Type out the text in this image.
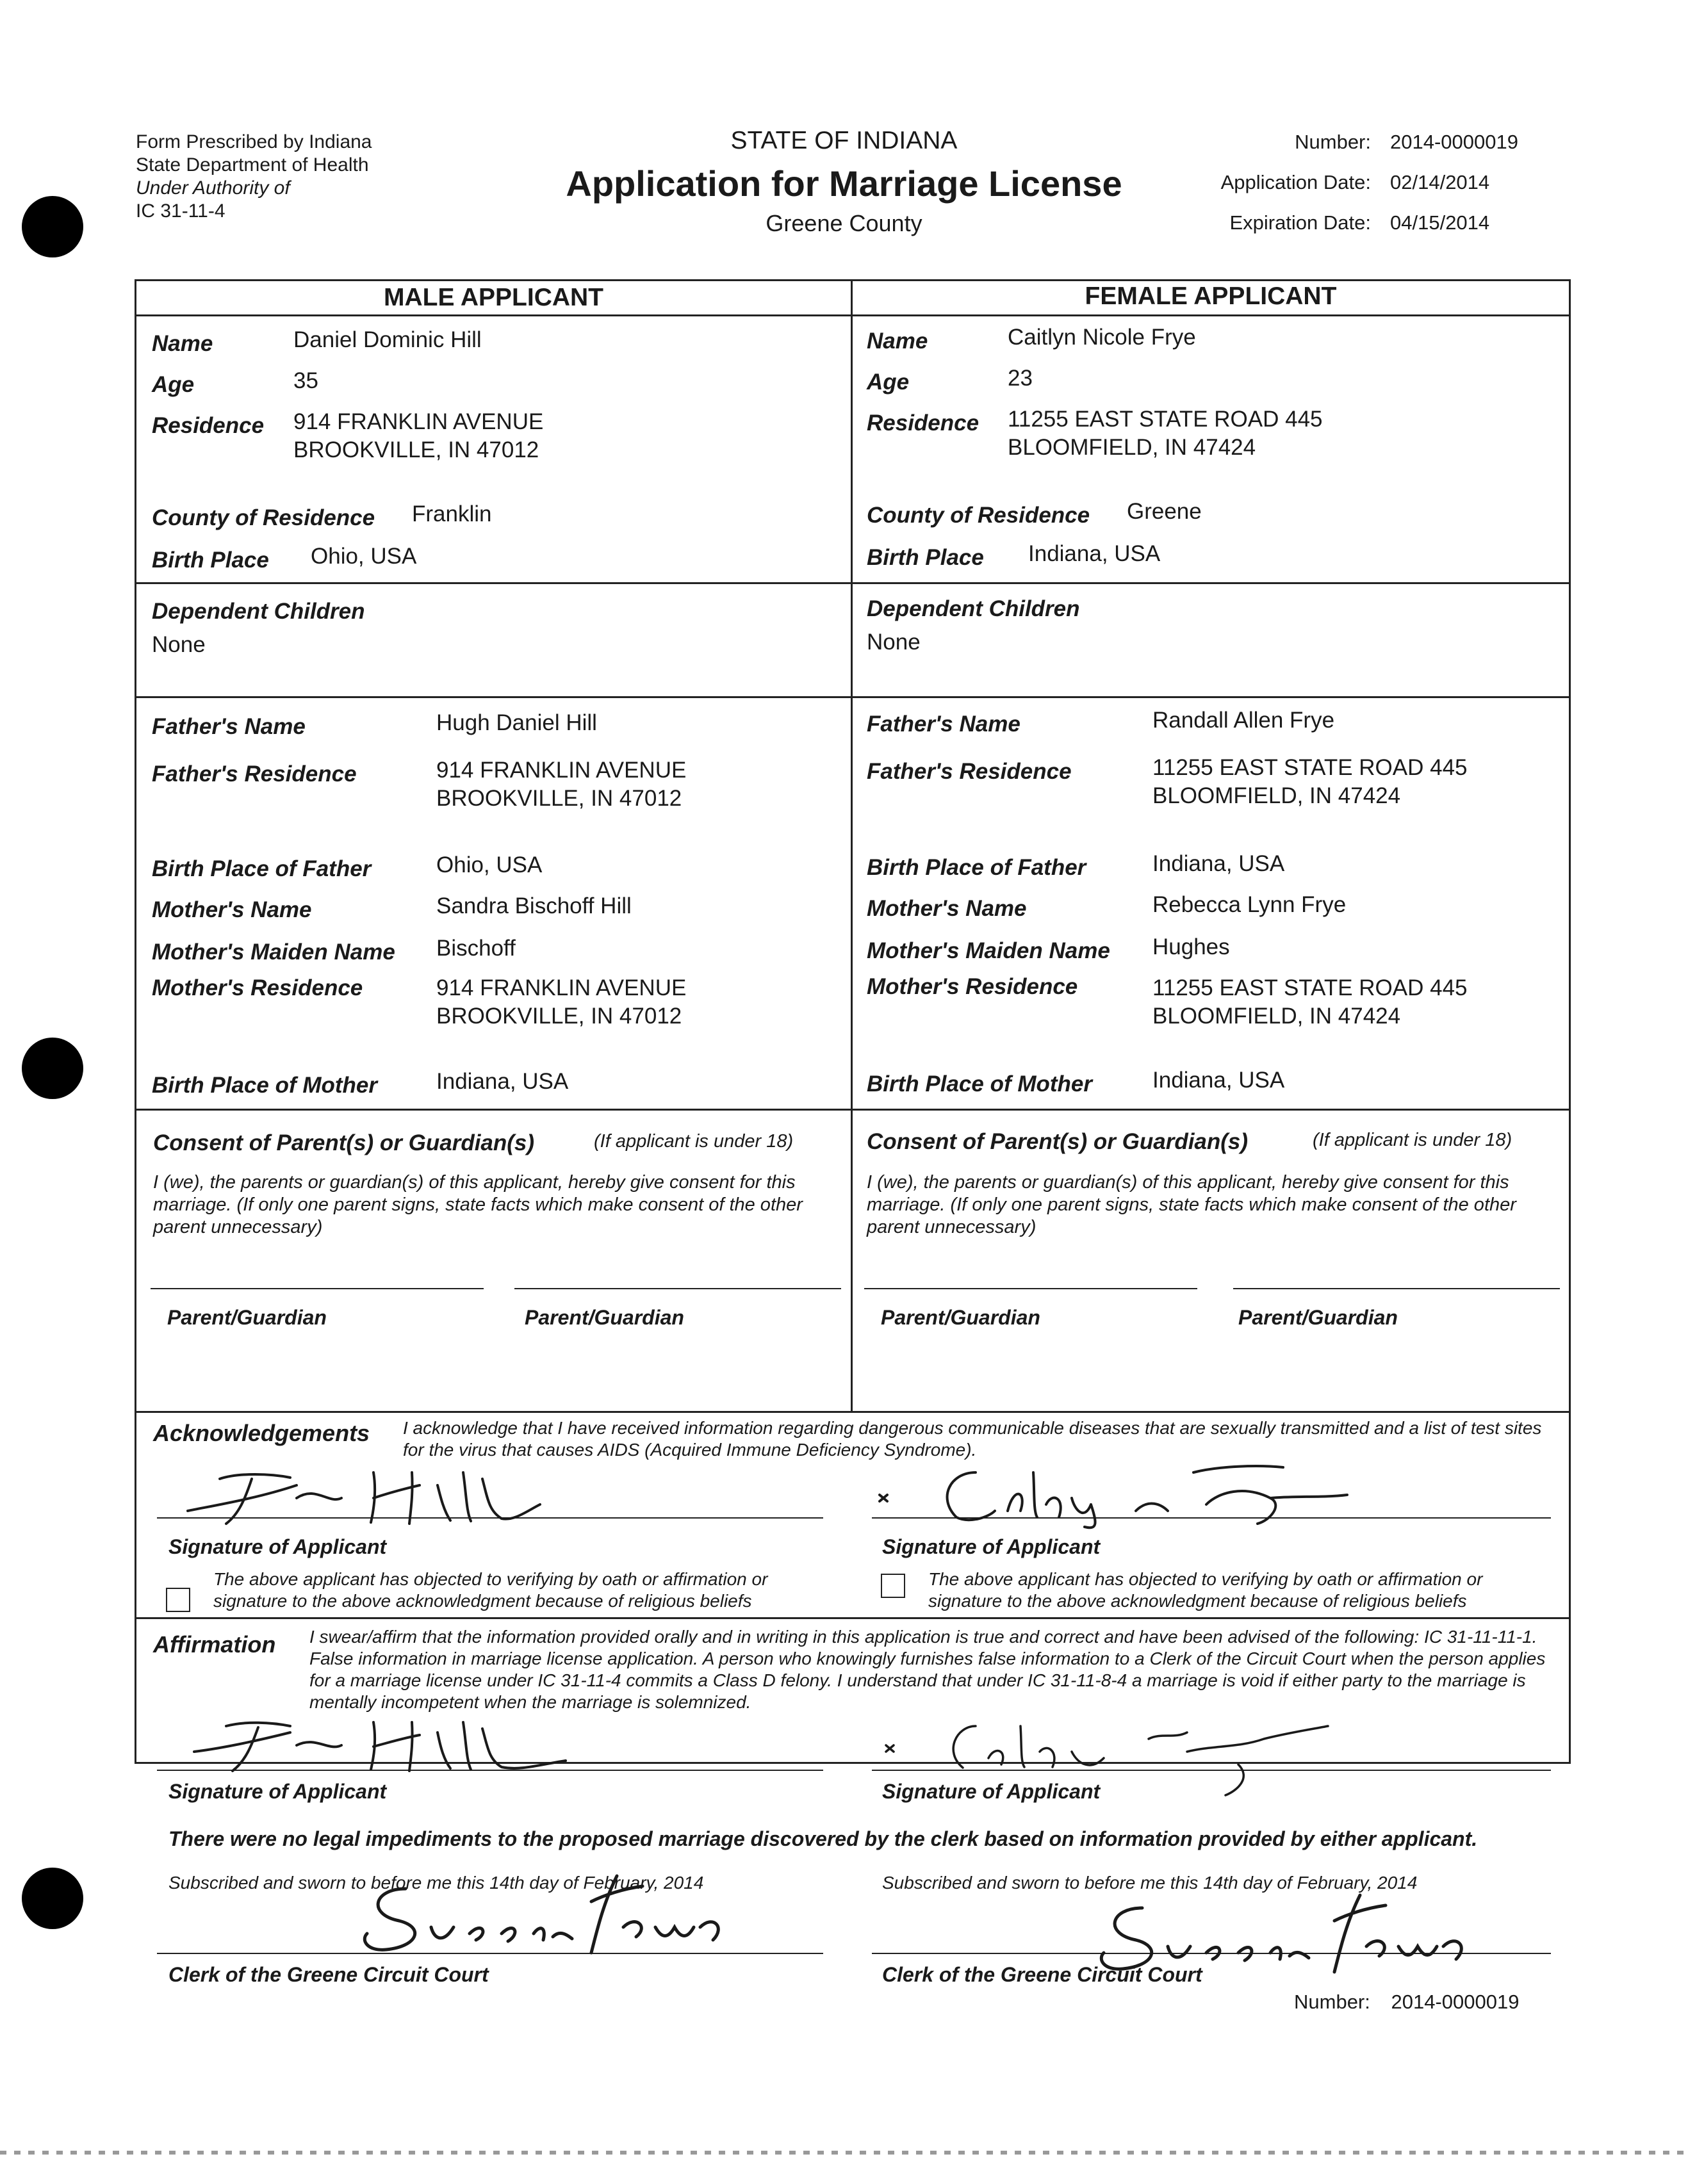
Form Prescribed by Indiana
State Department of Health
Under Authority of
IC 31-11-4
STATE OF INDIANA
Application for Marriage License
Greene County
Number: 2014-0000019
Application Date: 02/14/2014
Expiration Date: 04/15/2014
MALE APPLICANT	FEMALE APPLICANT
Name	Daniel Dominic Hill
Age	35
Residence 914 FRANKLIN AVENUE
BROOKVILLE, IN 47012
County of Residence Franklin
Birth Place Ohio, USA
Dependent Children
None
Father's Name	Hugh Daniel Hill
Father's Residence	914 FRANKLIN AVENUE
BROOKVILLE, IN 47012
Birth Place of Father	Ohio, USA
Mother's Name	Sandra Bischoff Hill
Mother's Maiden Name Bischoff
Mother's Residence	914 FRANKLIN AVENUE
BROOKVILLE, IN 47012
Birth Place of Mother	Indiana, USA
Name	Caitlyn Nicole Frye
Age	23
Residence 11255 EAST STATE ROAD 445
BLOOMFIELD, IN 47424
County of Residence Greene
Birth Place Indiana, USA
Dependent Children
None
Father's Name	Randall Allen Frye
Father's Residence	11255 EAST STATE ROAD 445
BLOOMFIELD, IN 47424
Birth Place of Father	Indiana, USA
Mother's Name	Rebecca Lynn Frye
Mother's Maiden Name Hughes
Mother's Residence	11255 EAST STATE ROAD 445
BLOOMFIELD, IN 47424
Birth Place of Mother	Indiana, USA
Consent of Parent(s) or Guardian(s)	(If applicant is under 18)
I (we), the parents or guardian(s) of this applicant, hereby give consent for this marriage. (If only one parent signs, state facts which make consent of the other parent unnecessary)
Parent/Guardian	Parent/Guardian
Consent of Parent(s) or Guardian(s)	(If applicant is under 18)
I (we), the parents or guardian(s) of this applicant, hereby give consent for this marriage. (If only one parent signs, state facts which make consent of the other parent unnecessary)
Parent/Guardian	Parent/Guardian
Acknowledgements I acknowledge that I have received information regarding dangerous communicable diseases that are sexually transmitted and a list of test sites for the virus that causes AIDS (Acquired Immune Deficiency Syndrome).
Signature of Applicant	Signature of Applicant
The above applicant has objected to verifying by oath or affirmation or signature to the above acknowledgment because of religious beliefs
The above applicant has objected to verifying by oath or affirmation or signature to the above acknowledgment because of religious beliefs
Affirmation I swear/affirm that the information provided orally and in writing in this application is true and correct and have been advised of the following: IC 31-11-11-1. False information in marriage license application. A person who knowingly furnishes false information to a Clerk of the Circuit Court when the person applies for a marriage license under IC 31-11-4 commits a Class D felony. I understand that under IC 31-11-8-4 a marriage is void if either party to the marriage is mentally incompetent when the marriage is solemnized.
Signature of Applicant	Signature of Applicant
There were no legal impediments to the proposed marriage discovered by the clerk based on information provided by either applicant.
Subscribed and sworn to before me this 14th day of February, 2014	Subscribed and sworn to before me this 14th day of February, 2014
Clerk of the Greene Circuit Court	Clerk of the Greene Circuit Court
Number: 2014-0000019
